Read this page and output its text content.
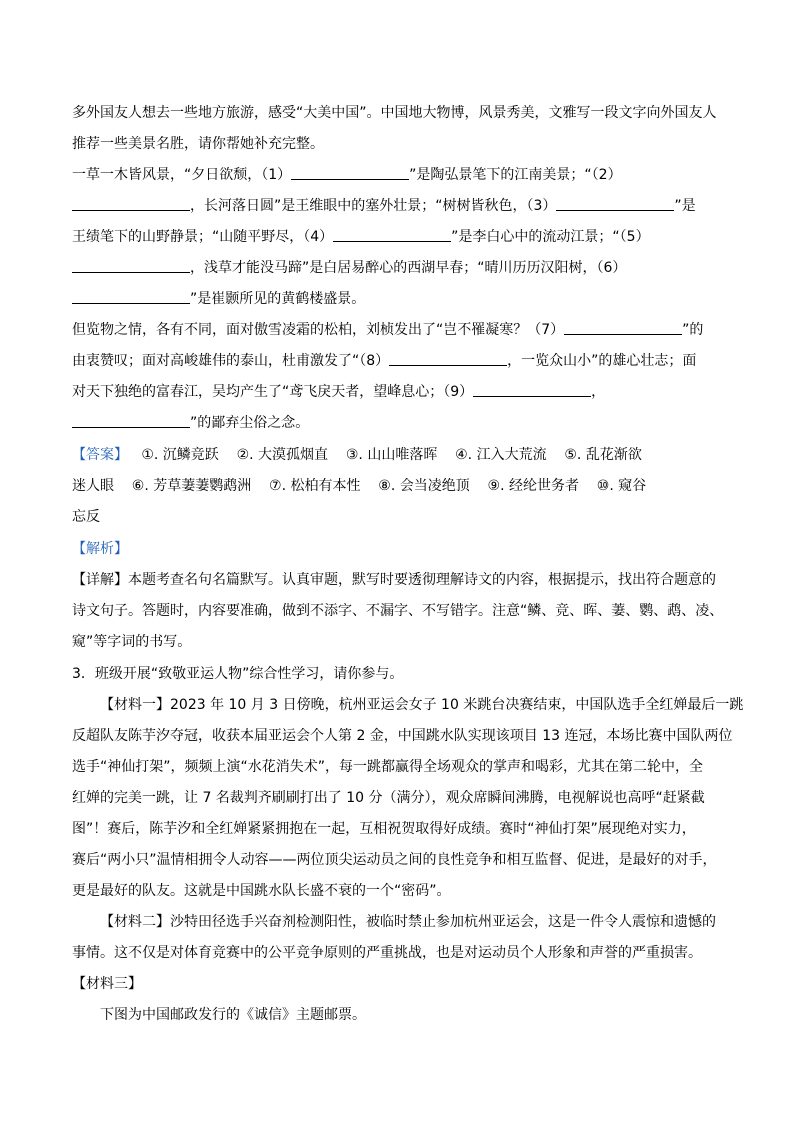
多外国友人想去一些地方旅游，感受“大美中国”。中国地大物博，风景秀美，文雅写一段文字向外国友人

推荐一些美景名胜，请你帮她补充完整。

一草一木皆风景，“夕日欲颓，（1）	”是陶弘景笔下的江南美景；“（2）

，长河落日圆”是王维眼中的塞外壮景；“树树皆秋色，（3）	”是

王绩笔下的山野静景；“山随平野尽，（4）	”是李白心中的流动江景；“（5）

，浅草才能没马蹄”是白居易醉心的西湖早春；“晴川历历汉阳树，（6）

”是崔颢所见的黄鹤楼盛景。

但览物之情，各有不同，面对傲雪凌霜的松柏，刘桢发出了“岂不罹凝寒？（7）	”的

由衷赞叹；面对高峻雄伟的泰山，杜甫激发了“（8）	，一览众山小”的雄心壮志；面

对天下独绝的富春江，吴均产生了“鸢飞戾天者，望峰息心；（9）	，

”的鄙弃尘俗之念。

【答案】 ①. 沉鳞竞跃    ②. 大漠孤烟直    ③. 山山唯落晖    ④. 江入大荒流    ⑤. 乱花渐欲

迷人眼    ⑥. 芳草萋萋鹦鹉洲    ⑦. 松柏有本性    ⑧. 会当凌绝顶    ⑨. 经纶世务者    ⑩. 窥谷

忘反

【解析】

【详解】本题考查名句名篇默写。认真审题，默写时要透彻理解诗文的内容，根据提示，找出符合题意的

诗文句子。答题时，内容要准确，做到不添字、不漏字、不写错字。注意“鳞、竞、晖、萋、鹦、鹉、凌、

窥”等字词的书写。

3．班级开展“致敬亚运人物”综合性学习，请你参与。

【材料一】2023 年 10 月 3 日傍晚，杭州亚运会女子 10 米跳台决赛结束，中国队选手全红婵最后一跳

反超队友陈芋汐夺冠，收获本届亚运会个人第 2 金，中国跳水队实现该项目 13 连冠，本场比赛中国队两位

选手“神仙打架”，频频上演“水花消失术”，每一跳都赢得全场观众的掌声和喝彩，尤其在第二轮中，全

红婵的完美一跳，让 7 名裁判齐刷刷打出了 10 分（满分），观众席瞬间沸腾，电视解说也高呼“赶紧截

图”！赛后，陈芋汐和全红婵紧紧拥抱在一起，互相祝贺取得好成绩。赛时“神仙打架”展现绝对实力，

赛后“两小只”温情相拥令人动容——两位顶尖运动员之间的良性竞争和相互监督、促进，是最好的对手，

更是最好的队友。这就是中国跳水队长盛不衰的一个“密码”。

【材料二】沙特田径选手兴奋剂检测阳性，被临时禁止参加杭州亚运会，这是一件令人震惊和遗憾的

事情。这不仅是对体育竞赛中的公平竞争原则的严重挑战，也是对运动员个人形象和声誉的严重损害。

【材料三】

下图为中国邮政发行的《诚信》主题邮票。
